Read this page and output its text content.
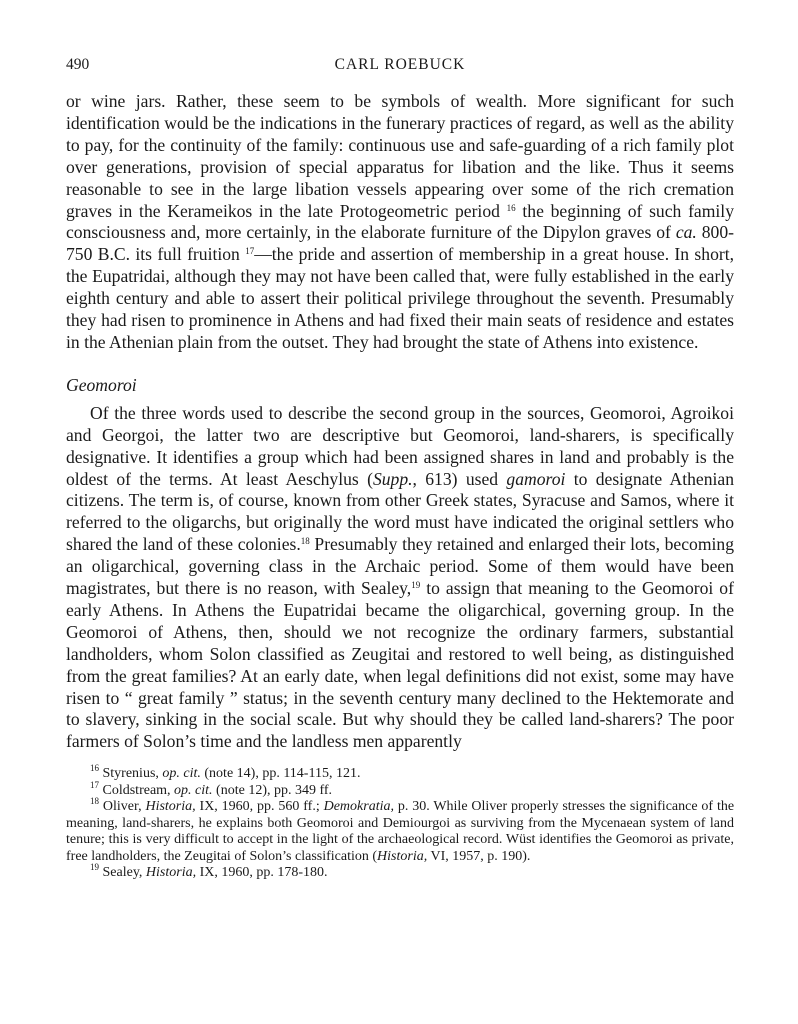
490	CARL ROEBUCK

or wine jars. Rather, these seem to be symbols of wealth. More significant for such identification would be the indications in the funerary practices of regard, as well as the ability to pay, for the continuity of the family: continuous use and safe-guarding of a rich family plot over generations, provision of special apparatus for libation and the like. Thus it seems reasonable to see in the large libation vessels appearing over some of the rich cremation graves in the Kerameikos in the late Protogeometric period $^{16}$ the beginning of such family consciousness and, more certainly, in the elaborate furniture of the Dipylon graves of ca. 800-750 B.C. its full fruition $^{17}$—the pride and assertion of membership in a great house. In short, the Eupatridai, although they may not have been called that, were fully established in the early eighth century and able to assert their political privilege throughout the seventh. Presumably they had risen to prominence in Athens and had fixed their main seats of residence and estates in the Athenian plain from the outset. They had brought the state of Athens into existence.

Geomoroi

Of the three words used to describe the second group in the sources, Geomoroi, Agroikoi and Georgoi, the latter two are descriptive but Geomoroi, land-sharers, is specifically designative. It identifies a group which had been assigned shares in land and probably is the oldest of the terms. At least Aeschylus (Supp., 613) used gamoroi to designate Athenian citizens. The term is, of course, known from other Greek states, Syracuse and Samos, where it referred to the oligarchs, but originally the word must have indicated the original settlers who shared the land of these colonies.$^{18}$ Presumably they retained and enlarged their lots, becoming an oligarchical, governing class in the Archaic period. Some of them would have been magistrates, but there is no reason, with Sealey,$^{19}$ to assign that meaning to the Geomoroi of early Athens. In Athens the Eupatridai became the oligarchical, governing group. In the Geomoroi of Athens, then, should we not recognize the ordinary farmers, substantial landholders, whom Solon classified as Zeugitai and restored to well being, as distinguished from the great families? At an early date, when legal definitions did not exist, some may have risen to “ great family ” status; in the seventh century many declined to the Hektemorate and to slavery, sinking in the social scale. But why should they be called land-sharers? The poor farmers of Solon’s time and the landless men apparently

$^{16}$ Styrenius, op. cit. (note 14), pp. 114-115, 121.

$^{17}$ Coldstream, op. cit. (note 12), pp. 349 ff.

$^{18}$ Oliver, Historia, IX, 1960, pp. 560 ff.; Demokratia, p. 30. While Oliver properly stresses the significance of the meaning, land-sharers, he explains both Geomoroi and Demiourgoi as surviving from the Mycenaean system of land tenure; this is very difficult to accept in the light of the archaeological record. Wüst identifies the Geomoroi as private, free landholders, the Zeugitai of Solon’s classification (Historia, VI, 1957, p. 190).

$^{19}$ Sealey, Historia, IX, 1960, pp. 178-180.
